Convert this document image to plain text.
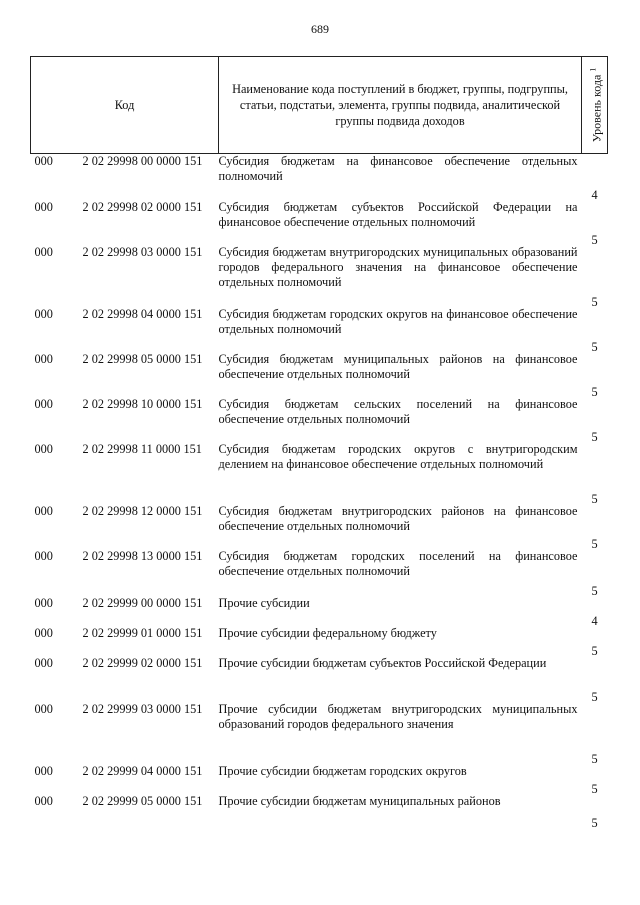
689
Код		Наименование кода поступлений в бюджет, группы, подгруппы, статьи, подстатьи, элемента, группы подвида, аналитической группы подвида доходов	Уровень кода $^1$

000	2 02 29998 00 0000 151	Субсидия бюджетам на финансовое обеспечение отдельных полномочий	4
000	2 02 29998 02 0000 151	Субсидия бюджетам субъектов Российской Федерации на финансовое обеспечение отдельных полномочий	5
000	2 02 29998 03 0000 151	Субсидия бюджетам внутригородских муниципальных образований городов федерального значения на финансовое обеспечение отдельных полномочий	5
000	2 02 29998 04 0000 151	Субсидия бюджетам городских округов на финансовое обеспечение отдельных полномочий	5
000	2 02 29998 05 0000 151	Субсидия бюджетам муниципальных районов на финансовое обеспечение отдельных полномочий	5
000	2 02 29998 10 0000 151	Субсидия бюджетам сельских поселений на финансовое обеспечение отдельных полномочий	5
000	2 02 29998 11 0000 151	Субсидия бюджетам городских округов с внутригородским делением на финансовое обеспечение отдельных полномочий	5
000	2 02 29998 12 0000 151	Субсидия бюджетам внутригородских районов на финансовое обеспечение отдельных полномочий	5
000	2 02 29998 13 0000 151	Субсидия бюджетам городских поселений на финансовое обеспечение отдельных полномочий	5
000	2 02 29999 00 0000 151	Прочие субсидии	4
000	2 02 29999 01 0000 151	Прочие субсидии федеральному бюджету	5
000	2 02 29999 02 0000 151	Прочие субсидии бюджетам субъектов Российской Федерации	5
000	2 02 29999 03 0000 151	Прочие субсидии бюджетам внутригородских муниципальных образований городов федерального значения	5
000	2 02 29999 04 0000 151	Прочие субсидии бюджетам городских округов	5
000	2 02 29999 05 0000 151	Прочие субсидии бюджетам муниципальных районов	5
